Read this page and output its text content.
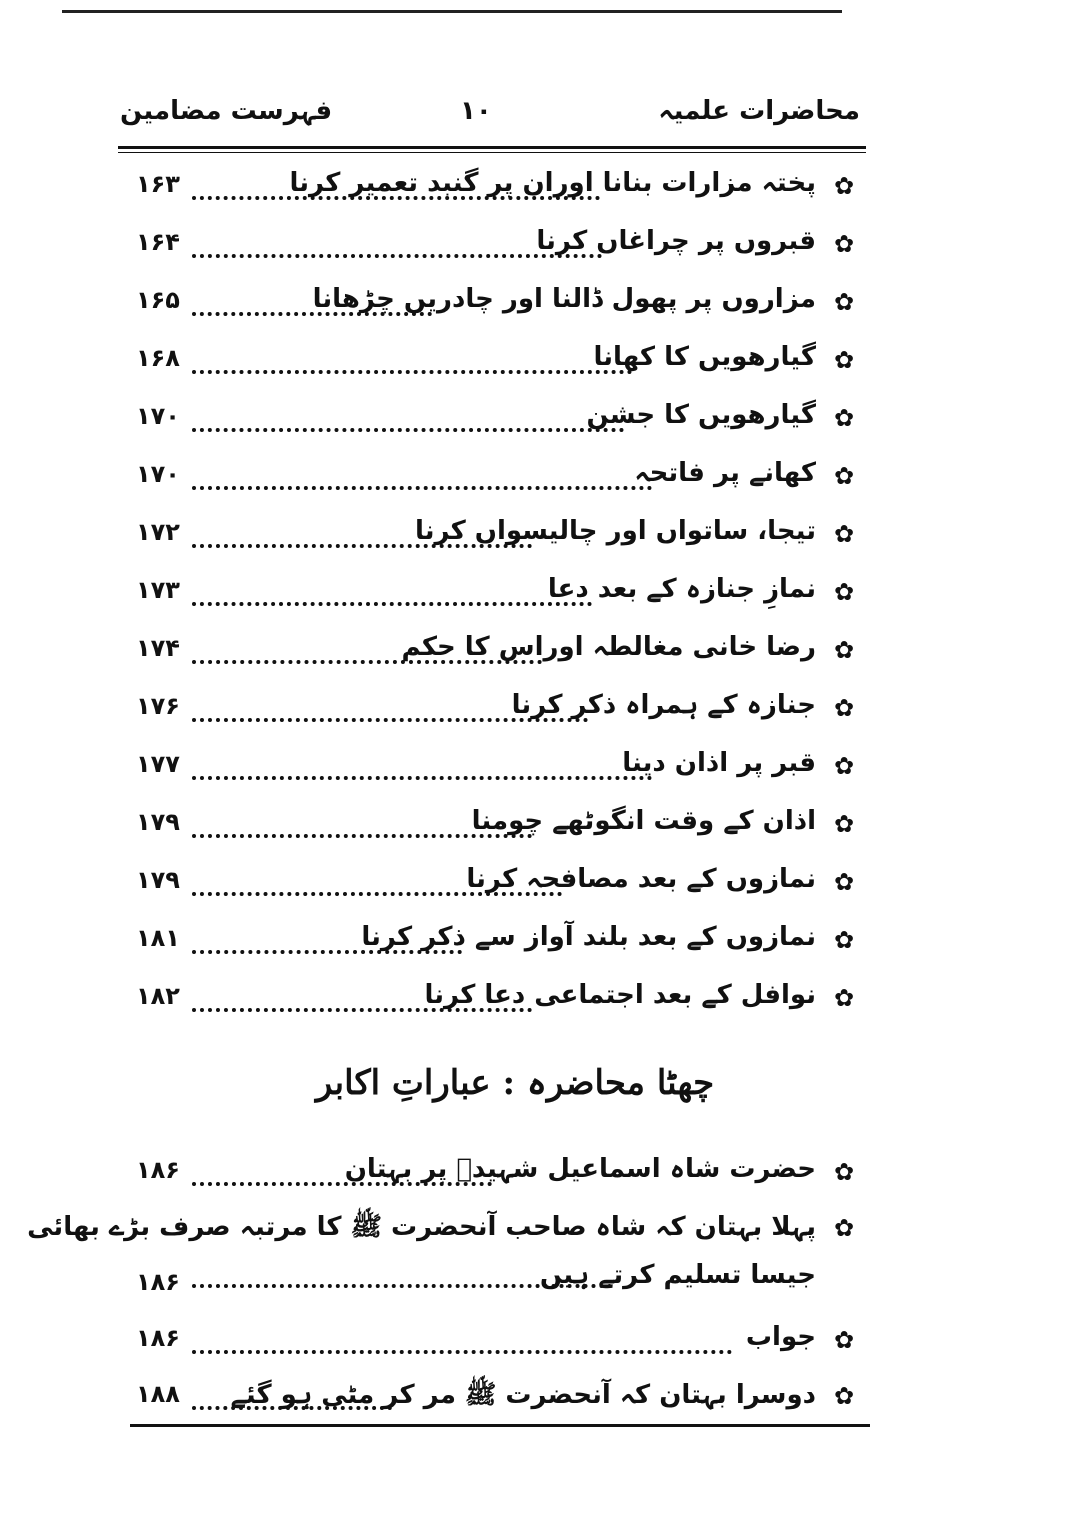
محاضرات علمیہ
۱۰
فہرست مضامین
✿
پختہ مزارات بنانا اوران پر گنبد تعمیر کرنا
۱۶۳
✿
قبروں پر چراغاں کرنا
۱۶۴
✿
مزاروں پر پھول ڈالنا اور چادریں چڑھانا
۱۶۵
✿
گیارھویں کا کھانا
۱۶۸
✿
گیارھویں کا جشن
۱۷۰
✿
کھانے پر فاتحہ
۱۷۰
✿
تیجا، ساتواں اور چالیسواں کرنا
۱۷۲
✿
نمازِ جنازہ کے بعد دعا
۱۷۳
✿
رضا خانی مغالطہ اوراس کا حکم
۱۷۴
✿
جنازہ کے ہمراہ ذکر کرنا
۱۷۶
✿
قبر پر اذان دینا
۱۷۷
✿
اذان کے وقت انگوٹھے چومنا
۱۷۹
✿
نمازوں کے بعد مصافحہ کرنا
۱۷۹
✿
نمازوں کے بعد بلند آواز سے ذکر کرنا
۱۸۱
✿
نوافل کے بعد اجتماعی دعا کرنا
۱۸۲
چھٹا محاضرہ : عباراتِ اکابر
✿
حضرت شاہ اسماعیل شہیدؒ پر بہتان
۱۸۶
✿
پہلا بہتان کہ شاہ صاحب آنحضرت ﷺ کا مرتبہ صرف بڑے بھائی
جیسا تسلیم کرتے ہیں
۱۸۶
✿
جواب
۱۸۶
✿
دوسرا بہتان کہ آنحضرت ﷺ مر کر مٹی ہو گئے
۱۸۸
